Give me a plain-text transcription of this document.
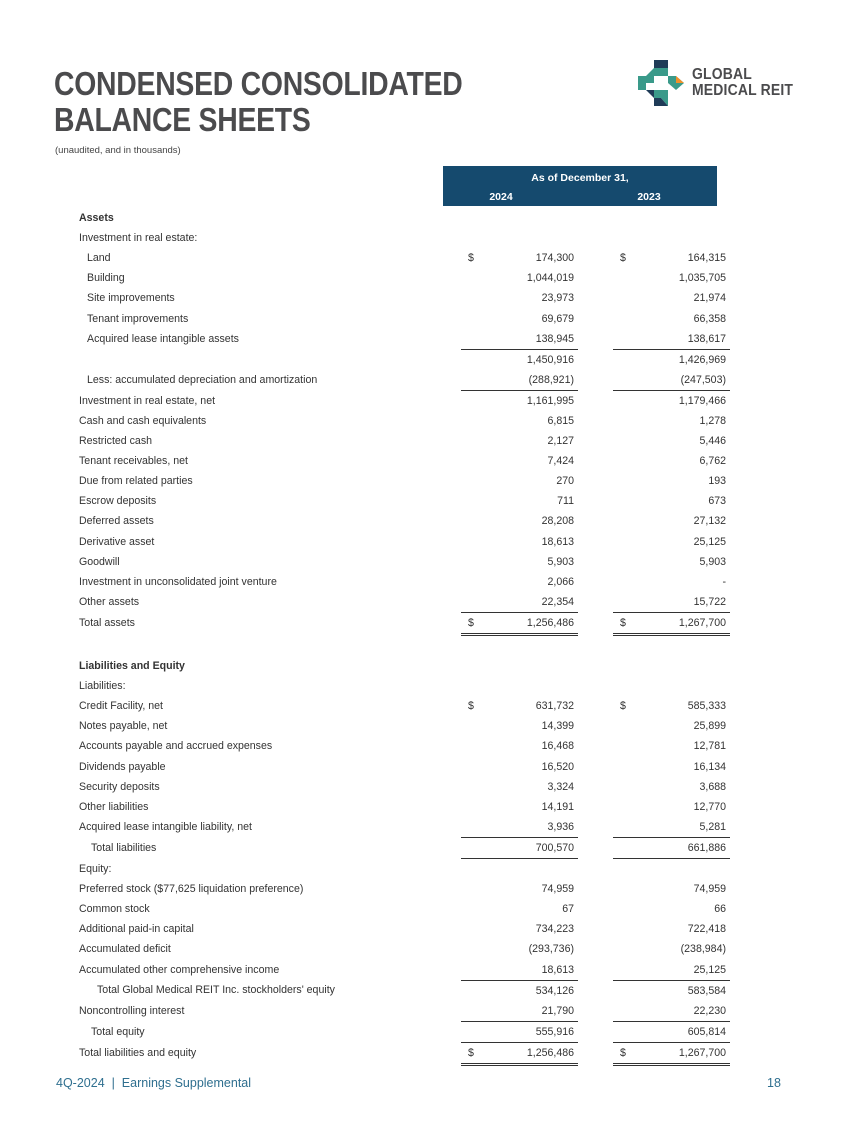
CONDENSED CONSOLIDATED
BALANCE SHEETS
(unaudited, and in thousands)
GLOBAL
MEDICAL REIT
As of December 31,
2024	2023
Assets							
Investment in real estate:							
Land	$	174,300			$	164,315	
Building		1,044,019				1,035,705	
Site improvements		23,973				21,974	
Tenant improvements		69,679				66,358	
Acquired lease intangible assets		138,945				138,617	
		1,450,916				1,426,969	
Less: accumulated depreciation and amortization		(288,921)				(247,503)	
Investment in real estate, net		1,161,995				1,179,466	
Cash and cash equivalents		6,815				1,278	
Restricted cash		2,127				5,446	
Tenant receivables, net		7,424				6,762	
Due from related parties		270				193	
Escrow deposits		711				673	
Deferred assets		28,208				27,132	
Derivative asset		18,613				25,125	
Goodwill		5,903				5,903	
Investment in unconsolidated joint venture		2,066				-	
Other assets		22,354				15,722	
Total assets	$	1,256,486			$	1,267,700	

Liabilities and Equity							
Liabilities:							
Credit Facility, net	$	631,732			$	585,333	
Notes payable, net		14,399				25,899	
Accounts payable and accrued expenses		16,468				12,781	
Dividends payable		16,520				16,134	
Security deposits		3,324				3,688	
Other liabilities		14,191				12,770	
Acquired lease intangible liability, net		3,936				5,281	
Total liabilities		700,570				661,886	
Equity:							
Preferred stock ($77,625 liquidation preference)		74,959				74,959	
Common stock		67				66	
Additional paid-in capital		734,223				722,418	
Accumulated deficit		(293,736)				(238,984)	
Accumulated other comprehensive income		18,613				25,125	
Total Global Medical REIT Inc. stockholders' equity		534,126				583,584	
Noncontrolling interest		21,790				22,230	
Total equity		555,916				605,814	
Total liabilities and equity	$	1,256,486			$	1,267,700	
4Q-2024  |  Earnings Supplemental	18
